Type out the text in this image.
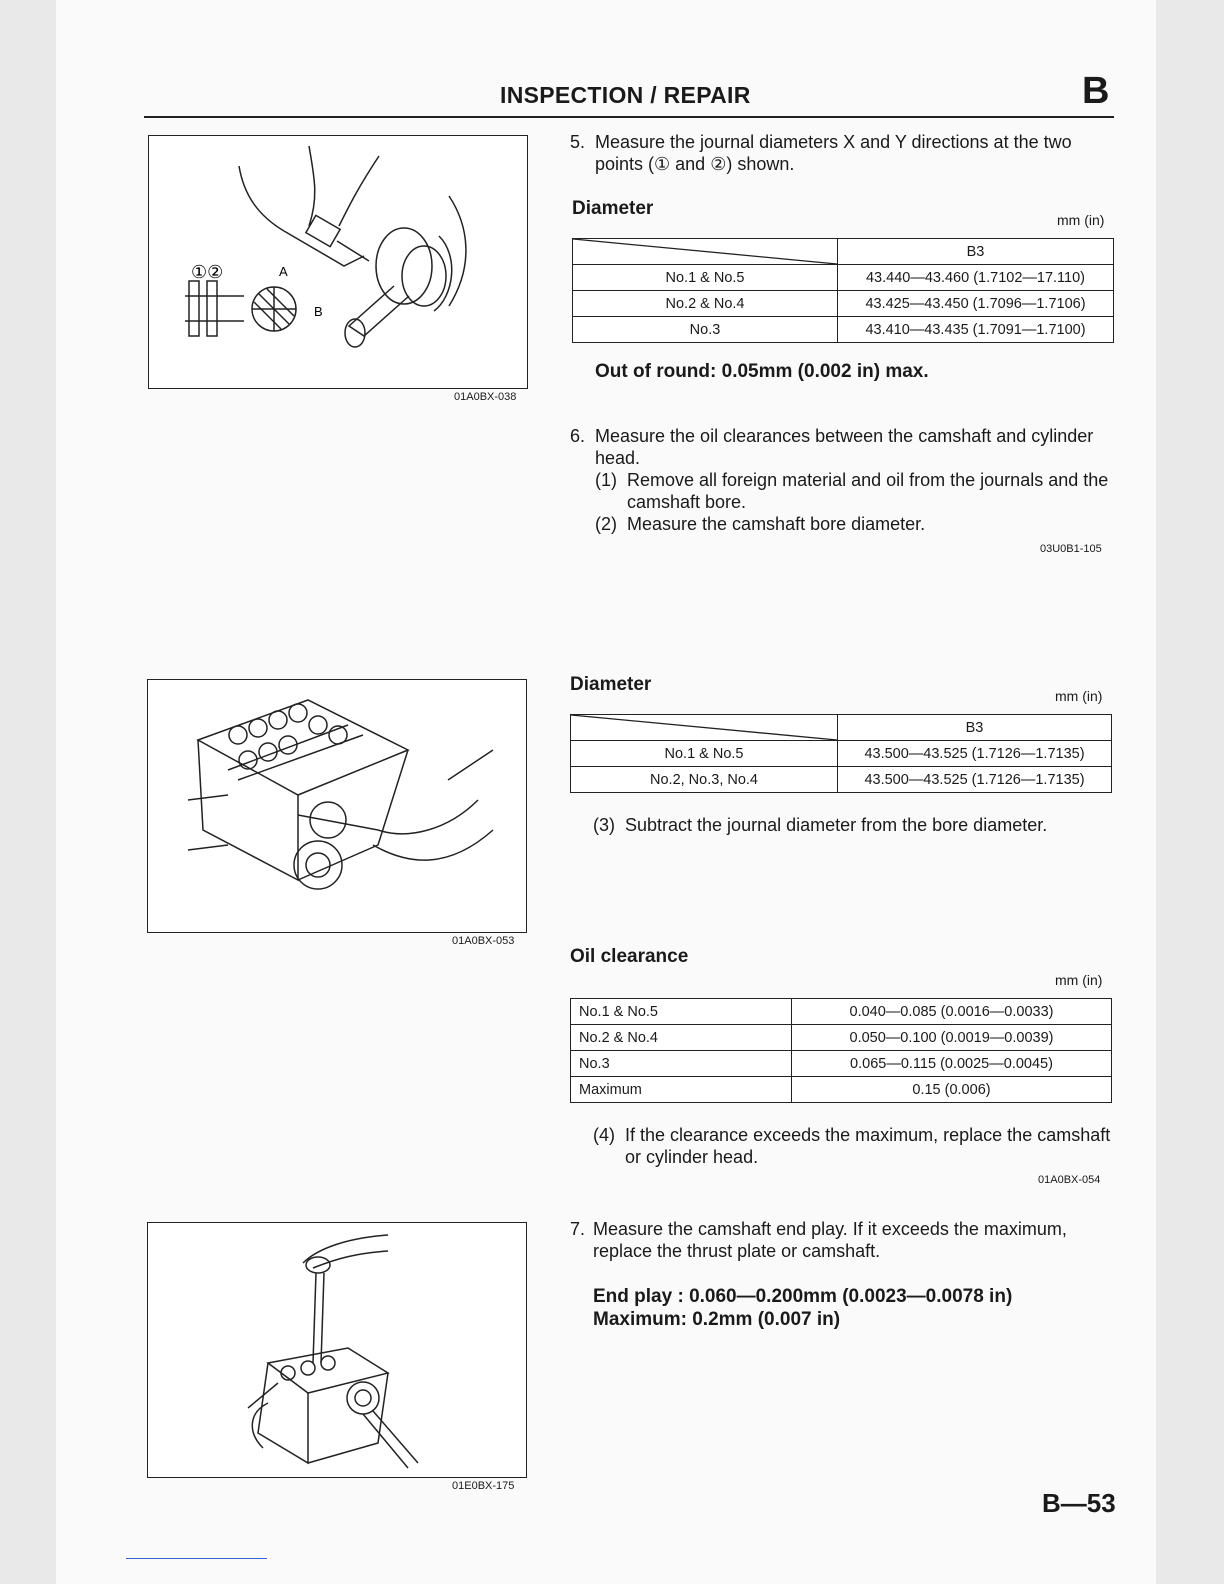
INSPECTION / REPAIR	B
①②	A
B
01A0BX-038
5. Measure the journal diameters X and Y directions at the two points (① and ②) shown.
Diameter
mm (in)
	B3
No.1 & No.5	43.440—43.460 (1.7102—17.110)
No.2 & No.4	43.425—43.450 (1.7096—1.7106)
No.3	43.410—43.435 (1.7091—1.7100)
Out of round: 0.05mm (0.002 in) max.
6. Measure the oil clearances between the camshaft and cylinder head.
(1) Remove all foreign material and oil from the journals and the camshaft bore.
(2) Measure the camshaft bore diameter.
03U0B1-105
01A0BX-053
Diameter
mm (in)
	B3
No.1 & No.5	43.500—43.525 (1.7126—1.7135)
No.2, No.3, No.4	43.500—43.525 (1.7126—1.7135)
(3) Subtract the journal diameter from the bore diameter.
Oil clearance
mm (in)
No.1 & No.5	0.040—0.085 (0.0016—0.0033)
No.2 & No.4	0.050—0.100 (0.0019—0.0039)
No.3	0.065—0.115 (0.0025—0.0045)
Maximum	0.15 (0.006)
(4) If the clearance exceeds the maximum, replace the camshaft or cylinder head.
01A0BX-054
01E0BX-175
7. Measure the camshaft end play. If it exceeds the maximum, replace the thrust plate or camshaft.
End play : 0.060—0.200mm (0.0023—0.0078 in)
Maximum: 0.2mm (0.007 in)
B—53
